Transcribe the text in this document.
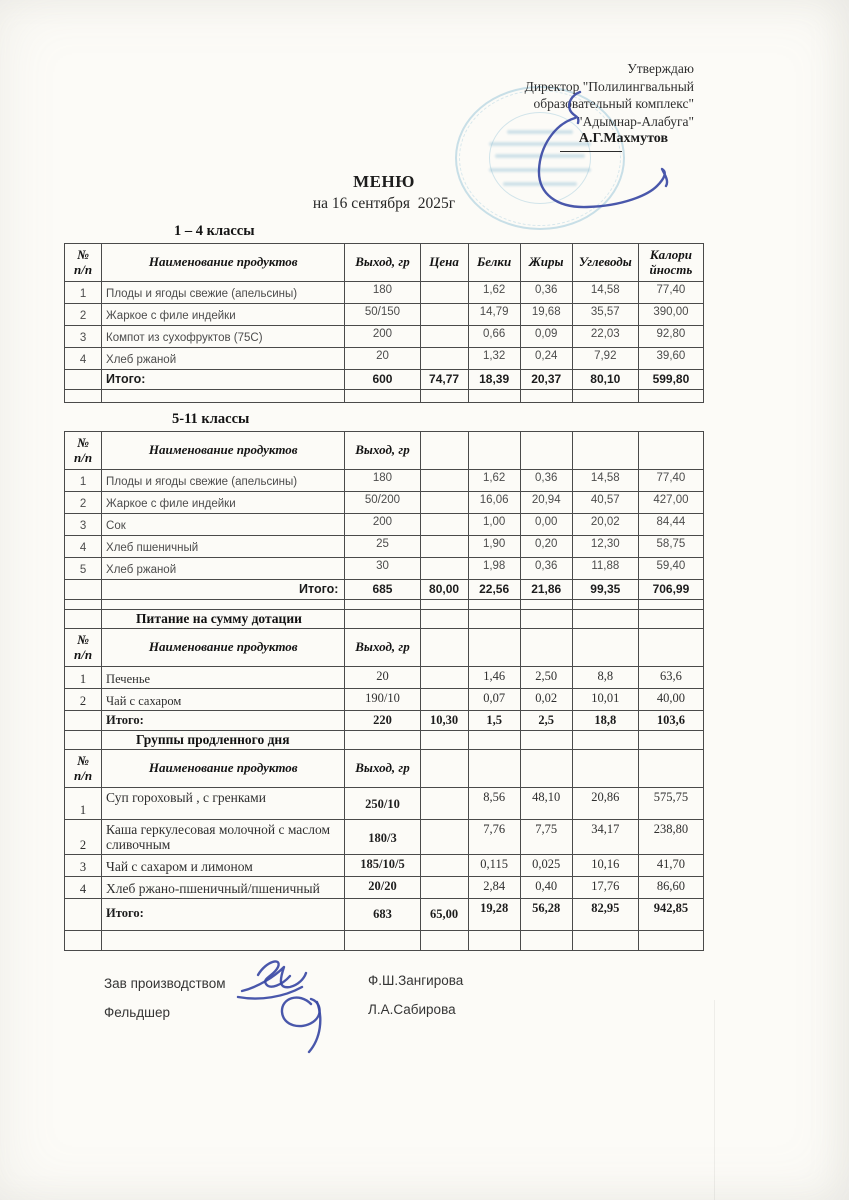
Утверждаю
Директор "Полилингвальный
образовательный комплекс"
"Адымнар-Алабуга"
А.Г.Махмутов
МЕНЮ
на 16 сентября  2025г
1 – 4 классы
№
п/п	Наименование продуктов	Выход, гр	Цена	Белки	Жиры	Углеводы	Калори йность
1	Плоды и ягоды свежие (апельсины)	180		1,62	0,36	14,58	77,40
2	Жаркое с филе индейки	50/150		14,79	19,68	35,57	390,00
3	Компот из сухофруктов (75С)	200		0,66	0,09	22,03	92,80
4	Хлеб ржаной	20		1,32	0,24	7,92	39,60
	Итого:	600	74,77	18,39	20,37	80,10	599,80

5-11 классы
№
п/п	Наименование продуктов	Выход, гр					
1	Плоды и ягоды свежие (апельсины)	180		1,62	0,36	14,58	77,40
2	Жаркое с филе индейки	50/200		16,06	20,94	40,57	427,00
3	Сок	200		1,00	0,00	20,02	84,44
4	Хлеб пшеничный	25		1,90	0,20	12,30	58,75
5	Хлеб ржаной	30		1,98	0,36	11,88	59,40
	Итого:	685	80,00	22,56	21,86	99,35	706,99

	Питание на сумму дотации						

№
п/п	Наименование продуктов	Выход, гр					
1	Печенье	20		1,46	2,50	8,8	63,6
2	Чай с сахаром	190/10		0,07	0,02	10,01	40,00
	Итого:	220	10,30	1,5	2,5	18,8	103,6
	Группы продленного дня						

№
п/п	Наименование продуктов	Выход, гр					
1	Суп гороховый , с гренками	250/10		8,56	48,10	20,86	575,75
2	Каша геркулесовая молочной с маслом сливочным	180/3		7,76	7,75	34,17	238,80
3	Чай с сахаром и лимоном	185/10/5		0,115	0,025	10,16	41,70
4	Хлеб ржано-пшеничный/пшеничный	20/20		2,84	0,40	17,76	86,60
	Итого:	683	65,00	19,28	56,28	82,95	942,85

Зав производством	Ф.Ш.Зангирова
Фельдшер	Л.А.Сабирова
